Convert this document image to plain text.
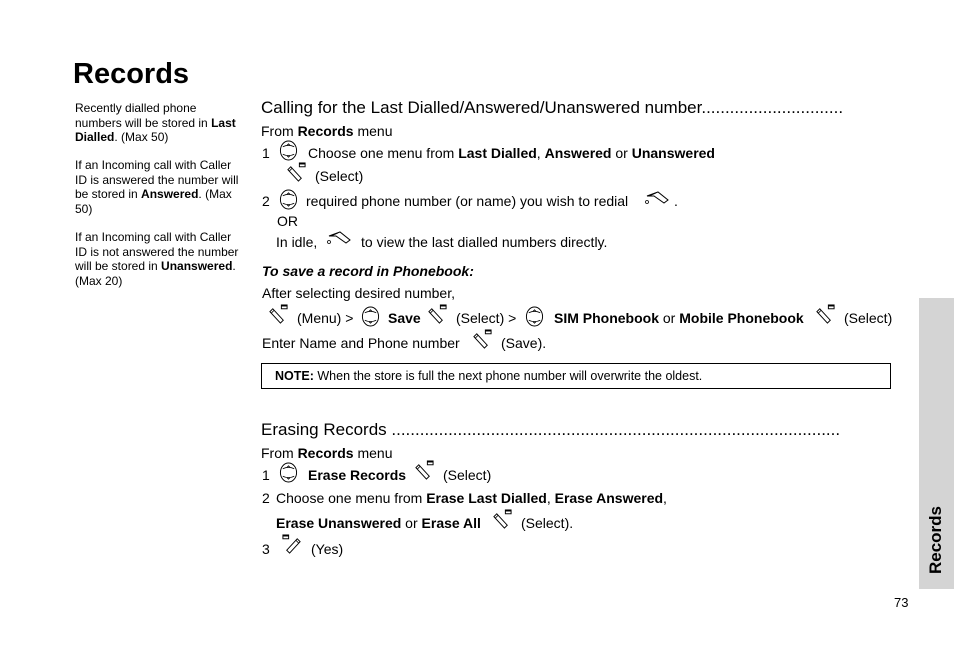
Records
Recently dialled phone numbers will be stored in Last Dialled. (Max 50)
If an Incoming call with Caller ID is answered the number will be stored in Answered. (Max 50)
If an Incoming call with Caller ID is not answered the number will be stored in Unanswered. (Max 20)
Calling for the Last Dialled/Answered/Unanswered number..............................
From Records menu
1	Choose one menu from Last Dialled, Answered or Unanswered
(Select)
2	required phone number (or name) you wish to redial	.
OR
In idle,	to view the last dialled numbers directly.
To save a record in Phonebook:
After selecting desired number,
(Menu) > Save	(Select) >	SIM Phonebook or Mobile Phonebook	(Select)
Enter Name and Phone number	(Save).
NOTE: When the store is full the next phone number will overwrite the oldest.
Erasing Records ...............................................................................................
From Records menu
1	Erase Records	(Select)
2 Choose one menu from Erase Last Dialled, Erase Answered,
Erase Unanswered or Erase All	(Select).
3	(Yes)	Records
73
